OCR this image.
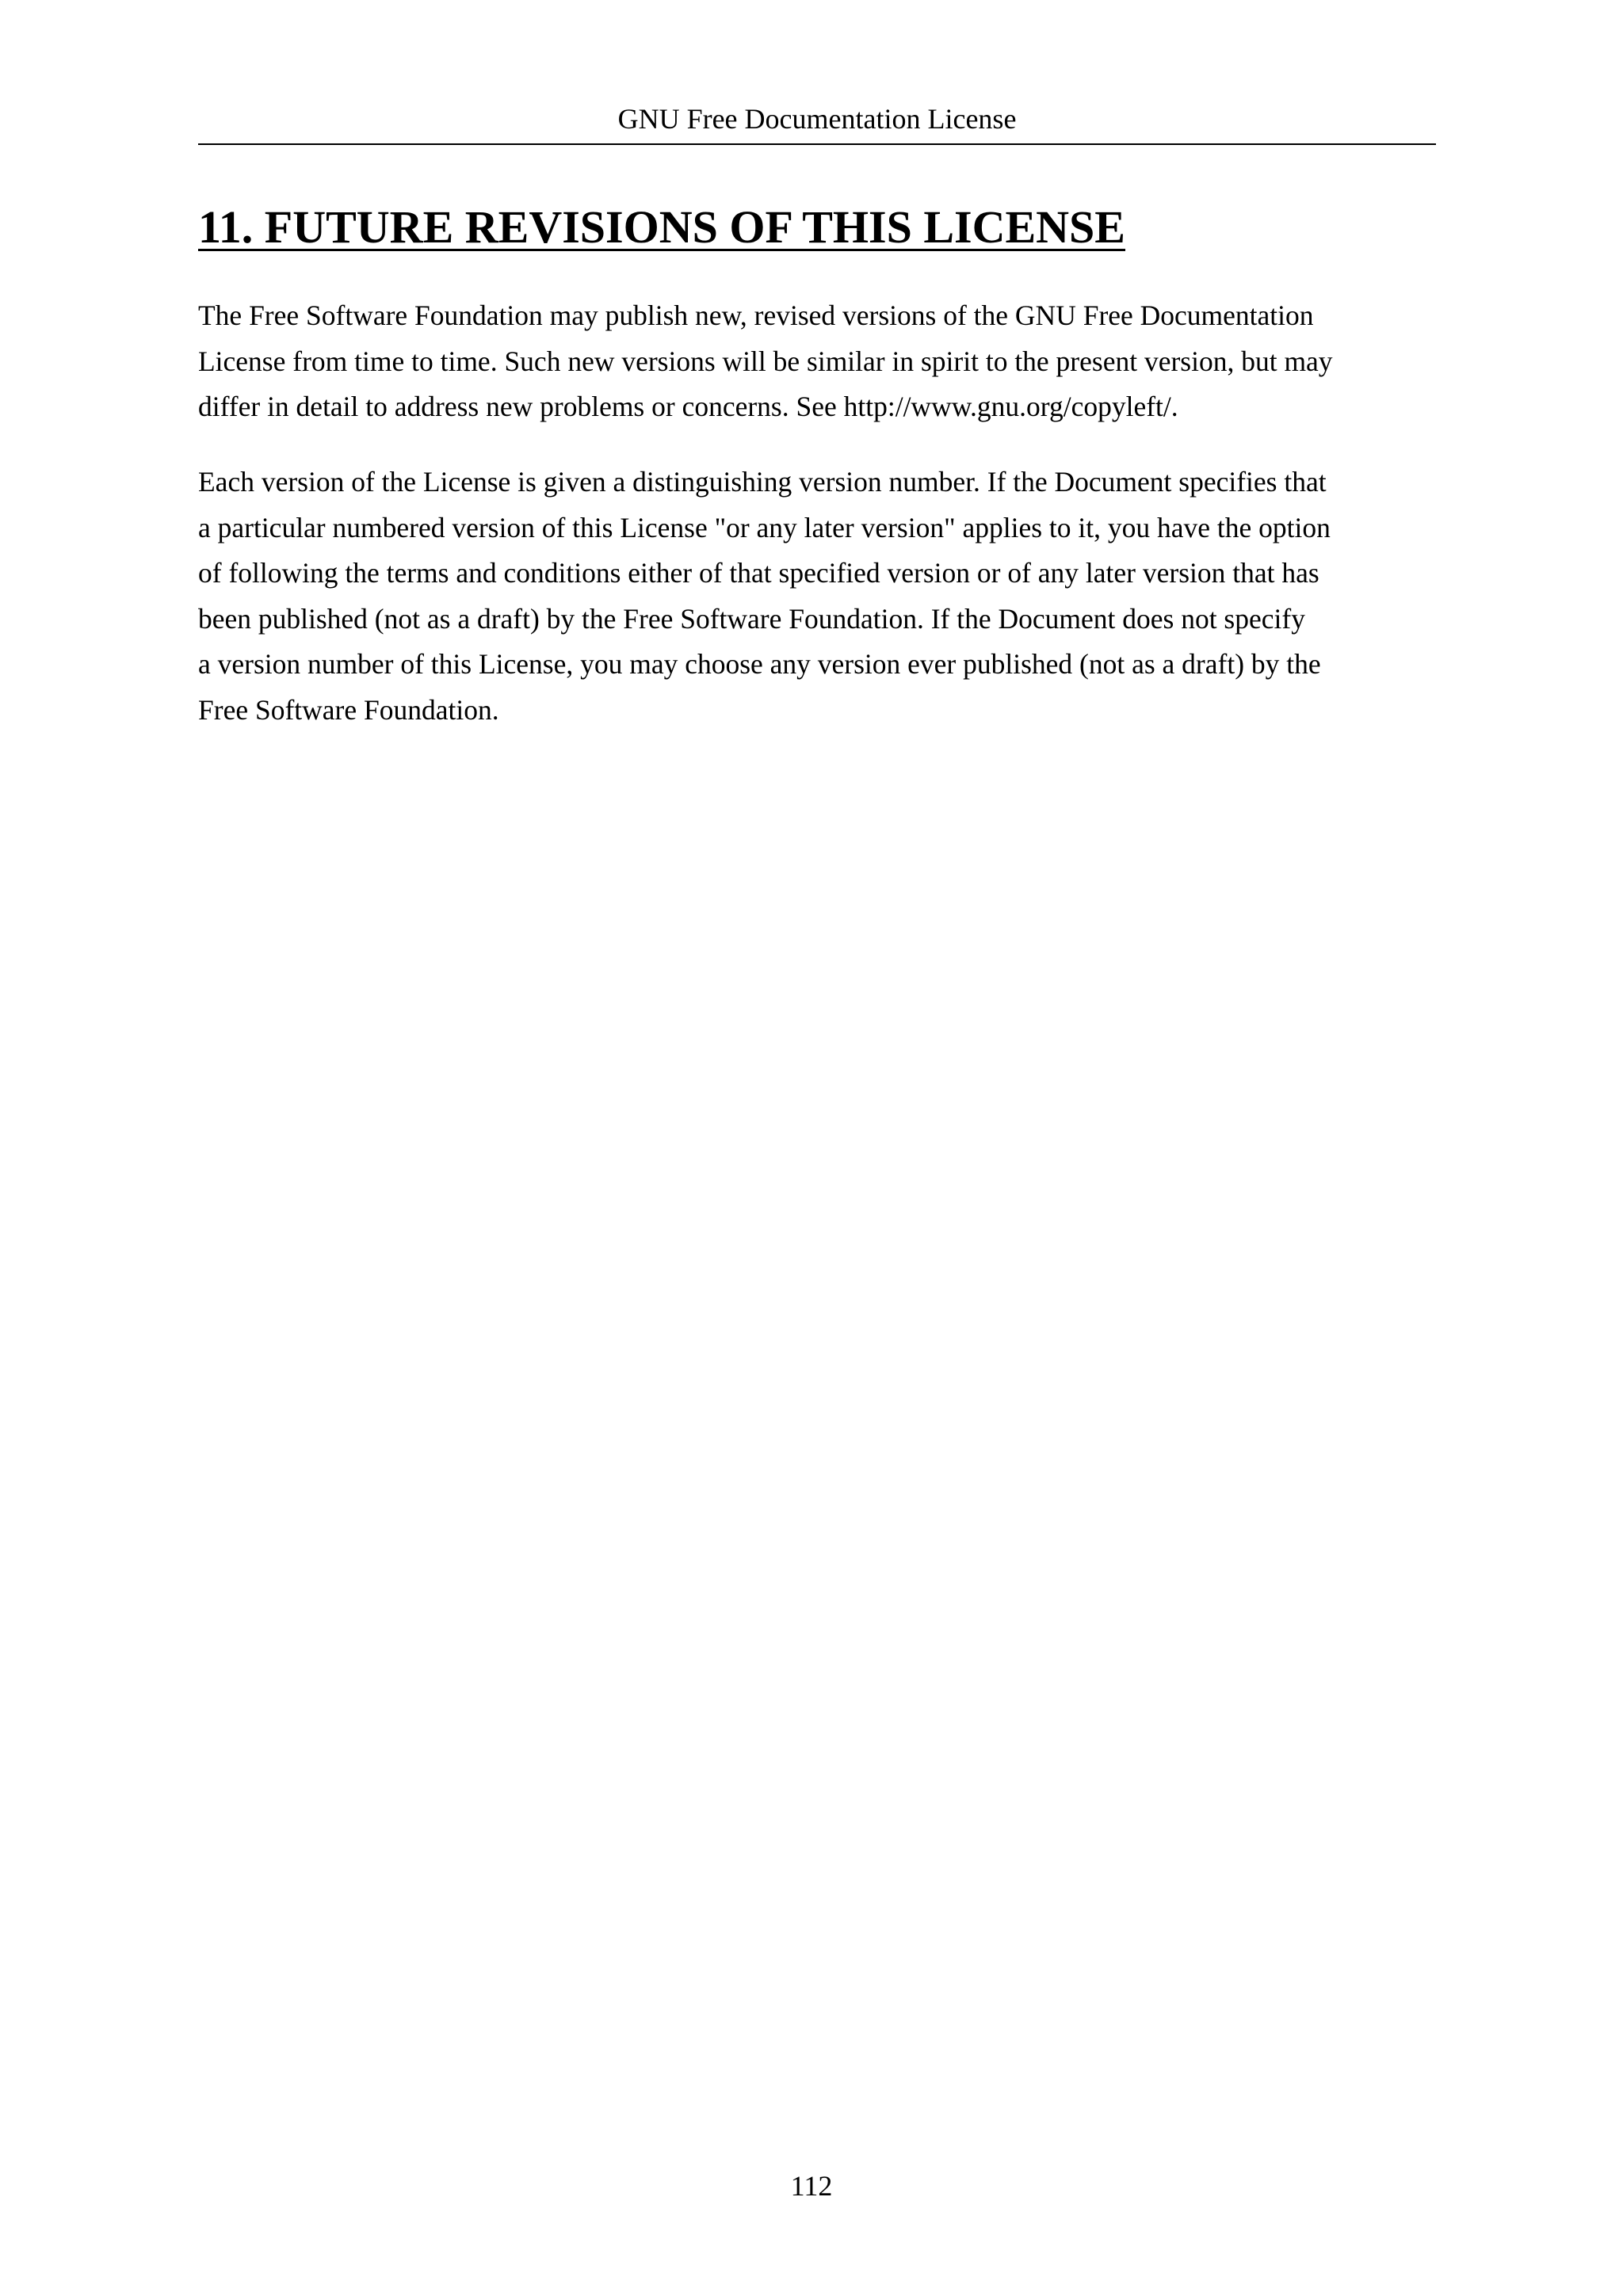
GNU Free Documentation License
11. FUTURE REVISIONS OF THIS LICENSE

The Free Software Foundation may publish new, revised versions of the GNU Free Documentation
License from time to time. Such new versions will be similar in spirit to the present version, but may
differ in detail to address new problems or concerns. See http://www.gnu.org/copyleft/.

Each version of the License is given a distinguishing version number. If the Document specifies that
a particular numbered version of this License "or any later version" applies to it, you have the option
of following the terms and conditions either of that specified version or of any later version that has
been published (not as a draft) by the Free Software Foundation. If the Document does not specify
a version number of this License, you may choose any version ever published (not as a draft) by the
Free Software Foundation.

112
